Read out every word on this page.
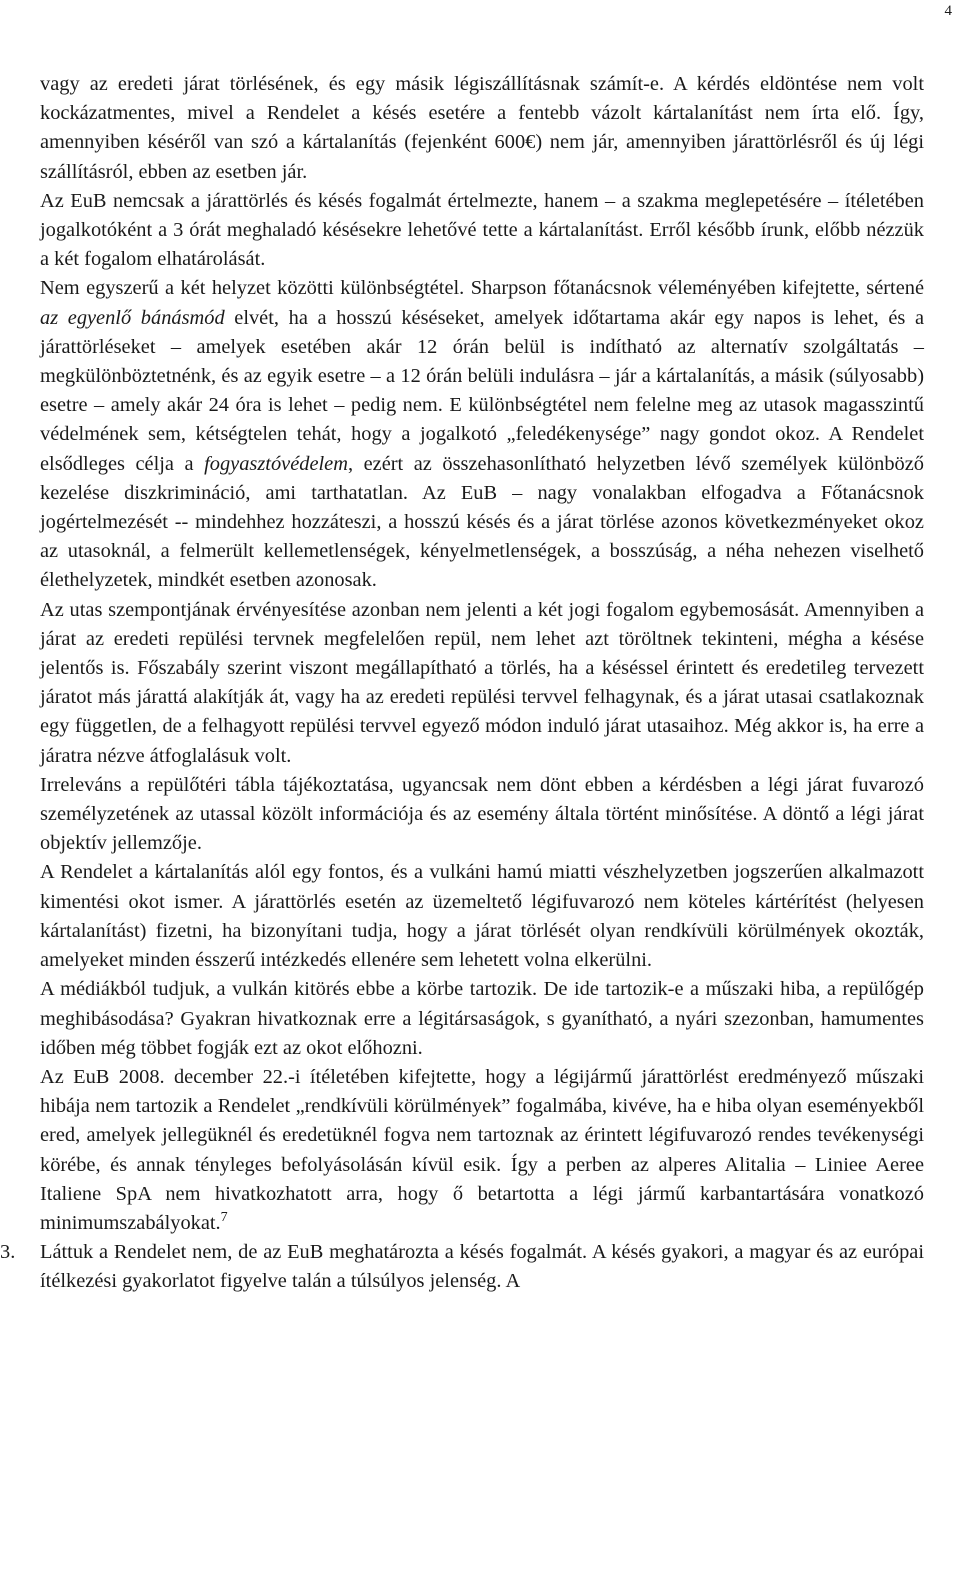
4

vagy az eredeti járat törlésének, és egy másik légiszállításnak számít-e. A kérdés eldöntése nem volt kockázatmentes, mivel a Rendelet a késés esetére a fentebb vázolt kártalanítást nem írta elő. Így, amennyiben késéről van szó a kártalanítás (fejenként 600€) nem jár, amennyiben járattörlésről és új légi szállításról, ebben az esetben jár.

Az EuB nemcsak a járattörlés és késés fogalmát értelmezte, hanem – a szakma meglepetésére – ítéletében jogalkotóként a 3 órát meghaladó késésekre lehetővé tette a kártalanítást. Erről később írunk, előbb nézzük a két fogalom elhatárolását.

Nem egyszerű a két helyzet közötti különbségtétel. Sharpson főtanácsnok véleményében kifejtette, sértené az egyenlő bánásmód elvét, ha a hosszú késéseket, amelyek időtartama akár egy napos is lehet, és a járattörléseket – amelyek esetében akár 12 órán belül is indítható az alternatív szolgáltatás – megkülönböztetnénk, és az egyik esetre – a 12 órán belüli indulásra – jár a kártalanítás, a másik (súlyosabb) esetre – amely akár 24 óra is lehet – pedig nem. E különbségtétel nem felelne meg az utasok magasszintű védelmének sem, kétségtelen tehát, hogy a jogalkotó „feledékenysége” nagy gondot okoz. A Rendelet elsődleges célja a fogyasztóvédelem, ezért az összehasonlítható helyzetben lévő személyek különböző kezelése diszkrimináció, ami tarthatatlan. Az EuB – nagy vonalakban elfogadva a Főtanácsnok jogértelmezését -- mindehhez hozzáteszi, a hosszú késés és a járat törlése azonos következményeket okoz az utasoknál, a felmerült kellemetlenségek, kényelmetlenségek, a bosszúság, a néha nehezen viselhető élethelyzetek, mindkét esetben azonosak.

Az utas szempontjának érvényesítése azonban nem jelenti a két jogi fogalom egybemosását. Amennyiben a járat az eredeti repülési tervnek megfelelően repül, nem lehet azt töröltnek tekinteni, mégha a késése jelentős is. Főszabály szerint viszont megállapítható a törlés, ha a késéssel érintett és eredetileg tervezett járatot más járattá alakítják át, vagy ha az eredeti repülési tervvel felhagynak, és a járat utasai csatlakoznak egy független, de a felhagyott repülési tervvel egyező módon induló járat utasaihoz. Még akkor is, ha erre a járatra nézve átfoglalásuk volt.

Irreleváns a repülőtéri tábla tájékoztatása, ugyancsak nem dönt ebben a kérdésben a légi járat fuvarozó személyzetének az utassal közölt információja és az esemény általa történt minősítése. A döntő a légi járat objektív jellemzője.

A Rendelet a kártalanítás alól egy fontos, és a vulkáni hamú miatti vészhelyzetben jogszerűen alkalmazott kimentési okot ismer. A járattörlés esetén az üzemeltető légifuvarozó nem köteles kártérítést (helyesen kártalanítást) fizetni, ha bizonyítani tudja, hogy a járat törlését olyan rendkívüli körülmények okozták, amelyeket minden ésszerű intézkedés ellenére sem lehetett volna elkerülni.

A médiákból tudjuk, a vulkán kitörés ebbe a körbe tartozik. De ide tartozik-e a műszaki hiba, a repülőgép meghibásodása? Gyakran hivatkoznak erre a légitársaságok, s gyanítható, a nyári szezonban, hamumentes időben még többet fogják ezt az okot előhozni.

Az EuB 2008. december 22.-i ítéletében kifejtette, hogy a légijármű járattörlést eredményező műszaki hibája nem tartozik a Rendelet „rendkívüli körülmények” fogalmába, kivéve, ha e hiba olyan eseményekből ered, amelyek jellegüknél és eredetüknél fogva nem tartoznak az érintett légifuvarozó rendes tevékenységi körébe, és annak tényleges befolyásolásán kívül esik. Így a perben az alperes Alitalia – Liniee Aeree Italiene SpA nem hivatkozhatott arra, hogy ő betartotta a légi jármű karbantartására vonatkozó minimumszabályokat.$^7$

3. Láttuk a Rendelet nem, de az EuB meghatározta a késés fogalmát. A késés gyakori, a magyar és az európai ítélkezési gyakorlatot figyelve talán a túlsúlyos jelenség. A
